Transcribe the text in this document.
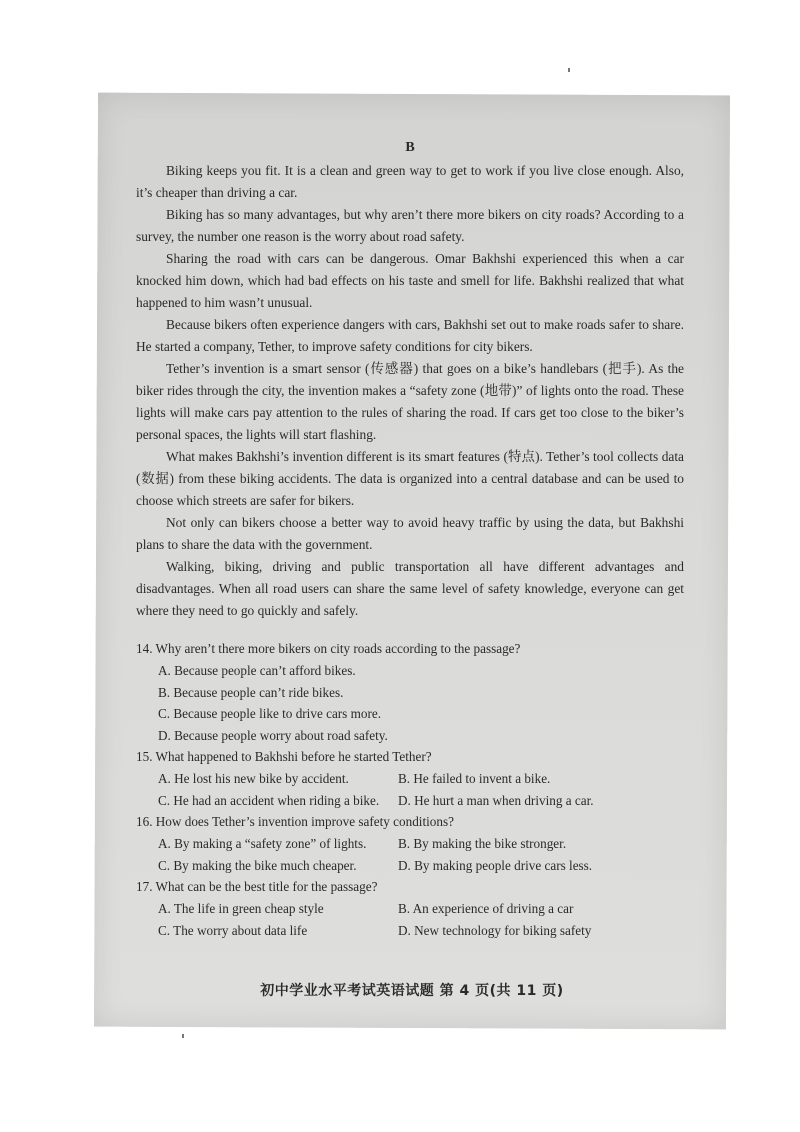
B

Biking keeps you fit. It is a clean and green way to get to work if you live close enough. Also, it’s cheaper than driving a car.

Biking has so many advantages, but why aren’t there more bikers on city roads? According to a survey, the number one reason is the worry about road safety.

Sharing the road with cars can be dangerous. Omar Bakhshi experienced this when a car knocked him down, which had bad effects on his taste and smell for life. Bakhshi realized that what happened to him wasn’t unusual.

Because bikers often experience dangers with cars, Bakhshi set out to make roads safer to share. He started a company, Tether, to improve safety conditions for city bikers.

Tether’s invention is a smart sensor (传感器) that goes on a bike’s handlebars (把手). As the biker rides through the city, the invention makes a “safety zone (地带)” of lights onto the road. These lights will make cars pay attention to the rules of sharing the road. If cars get too close to the biker’s personal spaces, the lights will start flashing.

What makes Bakhshi’s invention different is its smart features (特点). Tether’s tool collects data (数据) from these biking accidents. The data is organized into a central database and can be used to choose which streets are safer for bikers.

Not only can bikers choose a better way to avoid heavy traffic by using the data, but Bakhshi plans to share the data with the government.

Walking, biking, driving and public transportation all have different advantages and disadvantages. When all road users can share the same level of safety knowledge, everyone can get where they need to go quickly and safely.

14. Why aren’t there more bikers on city roads according to the passage?

A. Because people can’t afford bikes.

B. Because people can’t ride bikes.

C. Because people like to drive cars more.

D. Because people worry about road safety.

15. What happened to Bakhshi before he started Tether?

A. He lost his new bike by accident.	B. He failed to invent a bike.

C. He had an accident when riding a bike.	D. He hurt a man when driving a car.

16. How does Tether’s invention improve safety conditions?

A. By making a “safety zone” of lights.	B. By making the bike stronger.

C. By making the bike much cheaper.	D. By making people drive cars less.

17. What can be the best title for the passage?

A. The life in green cheap style	B. An experience of driving a car

C. The worry about data life	D. New technology for biking safety

初中学业水平考试英语试题 第 4 页(共 11 页)
